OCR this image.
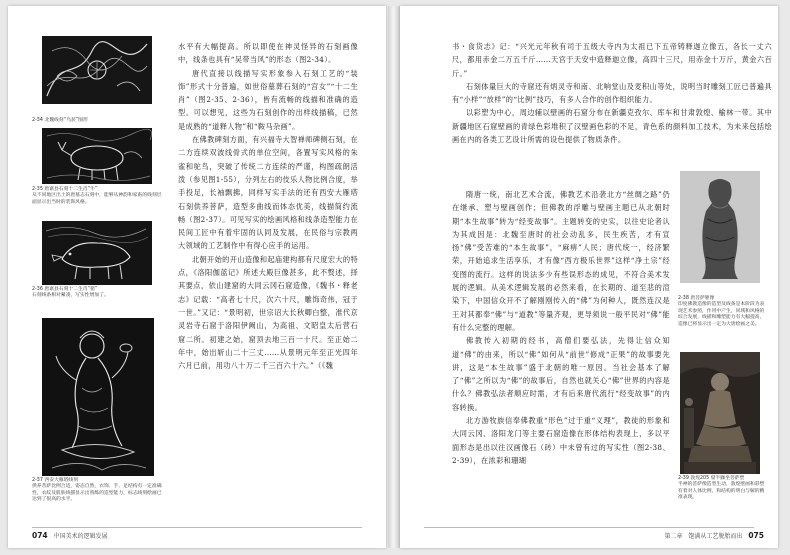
2-34 北魏线刻“乌获”图形

2-35 唐寨县石刻十二生肖“牛”
从不同地区出土的唐墓志石刻中，能够从神韵和家畜的线刻层面显示出当时的装饰风格。

2-36 唐寨县石刻十二生肖“猪”
石刻线条相对紧凑，写实性增加了。

2-37 西安大雁塔线刻
供养菩萨比例合适，姿态自然，衣饰、手、足结构有一定准确性，衣纹及肌肤线描显示出熟练的造型能力，标志线刻绘画已达到了很高的水平。

水平有大幅提高。所以即使在神灵怪异的石刻画像中，线条也具有“吴带当风”的形态（图2-34）。

唐代直接以线描写实形象参入石刻工艺的“装饰”形式十分普遍，如世俗墓葬石刻的“宫女”“十二生肖”（图2-35、2-36），皆有流畅的线描和准确的造型。可以想见，这些为石刻创作的出样线描稿，已然是成熟的“道释人物”和“鞍马杂画”。

在佛教碑刻方面，有兴福寺大智禅师碑侧石刻，在二方连续双波线骨式的单位空间，各置写实风格的朱雀和驼鸟，突破了传统二方连续的严谨，构图疏朗活泼（参见图1-55），分列左右的伎乐人物比例合度，举手投足，长袖飘拂，同样写实手法的还有西安大雁塔石刻供养菩萨，造型多曲线而体态优美，线描简约流畅（图2-37）。可见写实的绘画风格和线条造型能力在民间工匠中有着牢固的认同及发展，在民俗与宗教两大领域的工艺制作中有得心应手的运用。

北朝开始的开山造像和起庙建构都有尺度宏大的特点，《洛阳伽蓝记》所述大殿巨像甚多，此不赘述，择其要点，依山建窟的大同云冈石窟造像，《魏书・释老志》记载：“高者七十尺，次六十尺，雕饰奇伟，冠于一世。”又记：“景明初，世宗诏大长秋卿白整，准代京灵岩寺石窟于洛阳伊阙山，为高祖、文昭皇太后营石窟二所。初建之始，窟顶去地三百一十尺。至正始二年中，始出斩山二十三丈……从景明元年至正光四年六月已前，用功八十万二千三百六十六。”（《魏

074 中国美术的逻辑发展

书・食货志》记：“兴光元年秋有司于五级大寺内为太祖已下五帝铸释迦立像五，各长一丈六尺，都用赤金二万五千斤……天宫于天安中造释迦立像，高四十三尺，用赤金十万斤，黄金六百斤。”

石刻体量巨大的寺窟还有炳灵寺和南、北响堂山及麦积山等处，说明当时雕刻工匠已普遍具有“小样”“放样”的“比例”技巧，有多人合作的创作组织能力。

以彩塑为中心，周边辅以壁画的石窟分布在新疆克孜尔、库车和甘肃敦煌、榆林一带。其中新疆地区石窟壁画的青绿色彩堆积了汉壁画色彩的不足，青色系的颜料加工技术，为未来包括绘画在内的各类工艺设计所需的设色提供了物质条件。

隋唐一统，南北艺术合流，佛教艺术沿袭北方“丝绸之路”仍在继承、塑与壁画创作；但佛教的浮雕与壁画主题已从北朝时期“本生故事”转为“经变故事”。主题转变的史实，以往史论者认为其成因是：北魏至唐时的社会动乱多，民生疾苦，才有宣扬“佛”受苦难的“本生故事”，“麻痹”人民；唐代统一，经济繁荣，开始追求生活享乐，才有像“西方极乐世界”这样“净土宗”经变图的流行。这样的说法多少有些误形态的成见，不符合美术发展的逻辑。从美术逻辑发展的必然来看，在长期的、道至悲的渲染下，中国信众开不了解刚刚传入的“佛”为何种人，既然连汉是王对其都奉“佛”与“道教”等量齐观，更导须说一般平民对“佛”能有什么完整的理解。

佛教传入初期的经书，高僧们要弘法，先得让信众知道“佛”的由来，所以“佛”如何从“前世”修成“正果”的故事要先讲，这是“本生故事”盛于北朝的唯一原因。当社会基本了解了“佛”之所以为“佛”的故事后，自然也就关心“佛”世界的内容是什么？佛教弘法者顺应时需，才有后来唐代流行“经变故事”的内容转换。

北方游牧族信奉佛教重“形色”过于重“义理”，教徒的形象和大同云冈、洛阳龙门等主要石窟造像在形体结构表现上，多以平面形态是出以往汉画像石（砖）中未曾有过的写实性（图2-38、2-39），在浓彩和珊瑚

2-38 唐菩萨躯像
印度佛教造像的造型及线条是本阶段为表现艺术参照，作用中产生，同域和风格的综合发展，线描和雕塑能力有大幅提高，造像已将显示出一定为大唐绘画之美。

2-39 敦煌205 窟半跏坐菩萨塑
半神的菩萨像造型生动，敦煌壁画和彩塑有着对人体比例、和结构的明白与解的精准表现。

第二章 饱满从工艺脱胎而出 075
